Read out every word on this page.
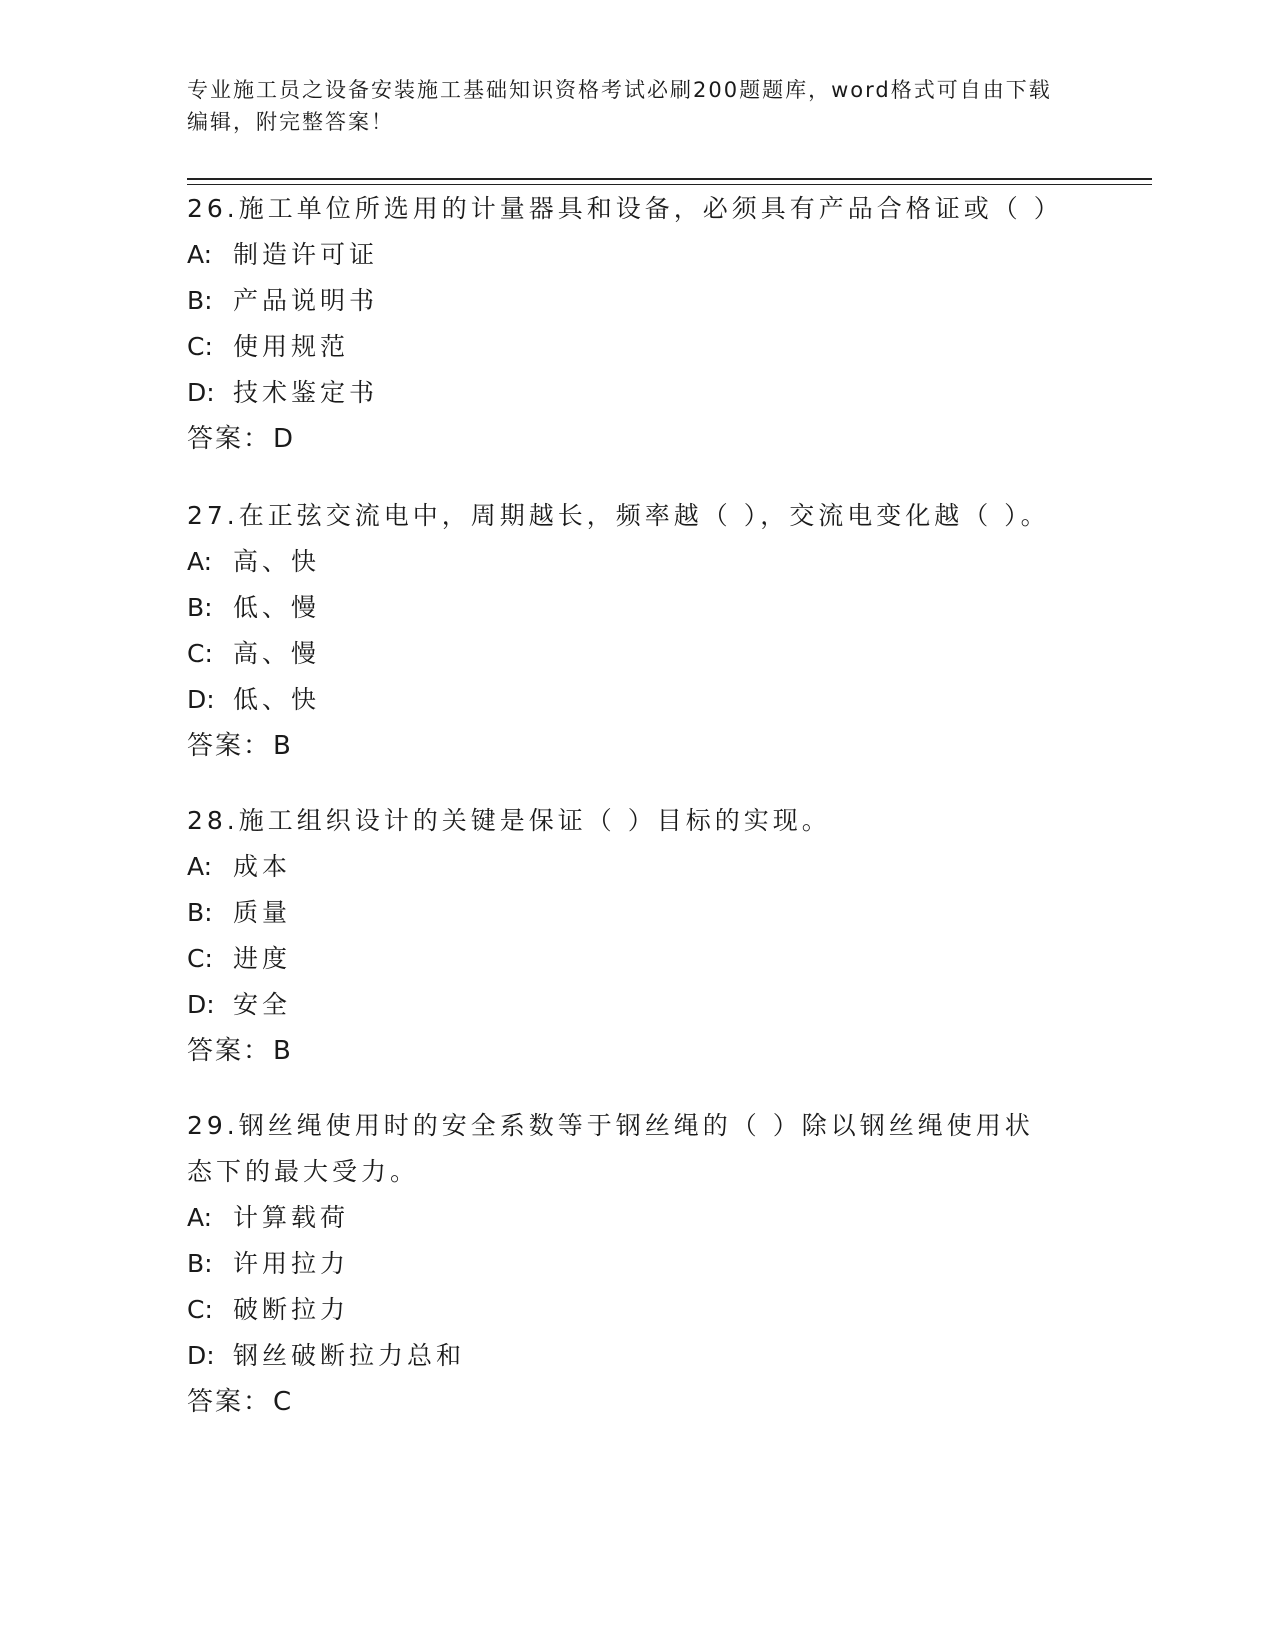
专业施工员之设备安装施工基础知识资格考试必刷200题题库，word格式可自由下载编辑，附完整答案！

26.施工单位所选用的计量器具和设备，必须具有产品合格证或（ ）

A: 制造许可证
B: 产品说明书
C: 使用规范
D: 技术鉴定书
答案：D

27.在正弦交流电中，周期越长，频率越（ ），交流电变化越（ ）。

A: 高、快
B: 低、慢
C: 高、慢
D: 低、快
答案：B

28.施工组织设计的关键是保证（ ）目标的实现。

A: 成本
B: 质量
C: 进度
D: 安全
答案：B

29.钢丝绳使用时的安全系数等于钢丝绳的（ ）除以钢丝绳使用状态下的最大受力。

A: 计算载荷
B: 许用拉力
C: 破断拉力
D: 钢丝破断拉力总和
答案：C
